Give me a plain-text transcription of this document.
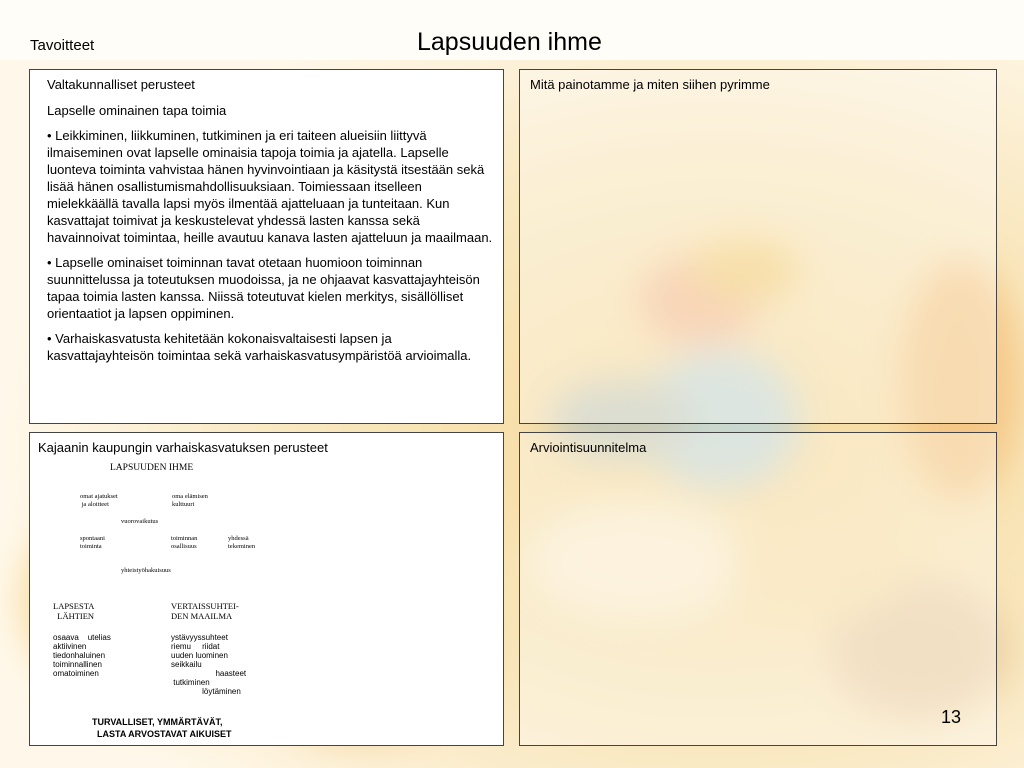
Tavoitteet	Lapsuuden ihme
Valtakunnalliset perusteet

Lapselle ominainen tapa toimia

• Leikkiminen, liikkuminen, tutkiminen ja eri taiteen alueisiin liittyvä ilmaiseminen ovat lapselle ominaisia tapoja toimia ja ajatella. Lapselle luonteva toiminta vahvistaa hänen hyvinvointiaan ja käsitystä itsestään sekä lisää hänen osallistumismahdollisuuksiaan. Toimiessaan itselleen mielekkäällä tavalla lapsi myös ilmentää ajatteluaan ja tunteitaan. Kun kasvattajat toimivat ja keskustelevat yhdessä lasten kanssa sekä havainnoivat toimintaa, heille avautuu kanava lasten ajatteluun ja maailmaan.

• Lapselle ominaiset toiminnan tavat otetaan huomioon toiminnan suunnittelussa ja toteutuksen muodoissa, ja ne ohjaavat kasvattajayhteisön tapaa toimia lasten kanssa. Niissä toteutuvat kielen merkitys, sisällölliset orientaatiot ja lapsen oppiminen.

• Varhaiskasvatusta kehitetään kokonaisvaltaisesti lapsen ja kasvattajayhteisön toimintaa sekä varhaiskasvatusympäristöä arvioimalla.

Mitä painotamme ja miten siihen pyrimme
Kajaanin kaupungin varhaiskasvatuksen perusteet
LAPSUUDEN IHME
omat ajatukset
ja aloitteet
oma elämisen
kulttuuri
vuorovaikutus
spontaani
toiminta
toiminnan
osallisuus
yhdessä
tekeminen
yhteistyöhakuisuus
LAPSESTA
LÄHTIEN
VERTAISSUHTEI-
DEN MAAILMA
osaava    utelias
aktiivinen
tiedonhaluinen
toiminnallinen
omatoiminen
ystävyyssuhteet
riemu     riidat
uuden luominen
seikkailu
haasteet
tutkiminen
löytäminen
TURVALLISET, YMMÄRTÄVÄT,
LASTA ARVOSTAVAT AIKUISET
Arviointisuunnitelma
13
